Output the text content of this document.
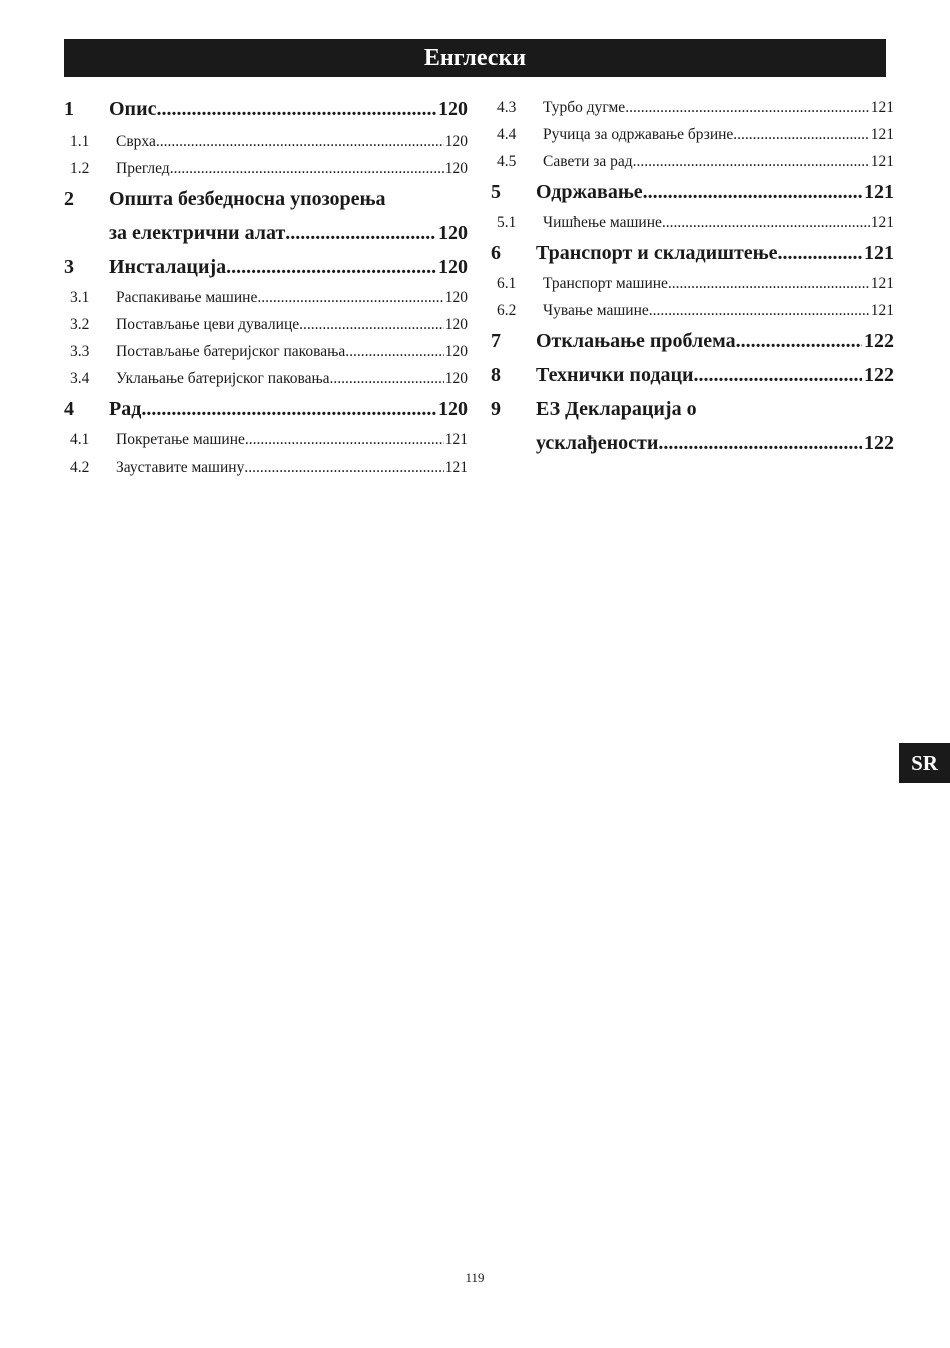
Енглески
1	Опис .....	120
1.1	Сврха .....	120
1.2	Преглед .....	120
2	Општа безбедносна упозорења
за електрични алат .....	120
3	Инсталација .....	120
3.1	Распакивање машине .....	120
3.2	Постављање цеви дувалице .....	120
3.3	Постављање батеријског паковања .....	120
3.4	Уклањање батеријског паковања .....	120
4	Рад .....	120
4.1	Покретање машине .....	121
4.2	Зауставите машину .....	121
4.3	Турбо дугме .....	121
4.4	Ручица за одржавање брзине .....	121
4.5	Савети за рад .....	121
5	Одржавање .....	121
5.1	Чишћење машине .....	121
6	Транспорт и складиштење .....	121
6.1	Транспорт машине .....	121
6.2	Чување машине .....	121
7	Отклањање проблема .....	122
8	Технички подаци .....	122
9	ЕЗ Декларација о
усклађености .....	122
SR
119
